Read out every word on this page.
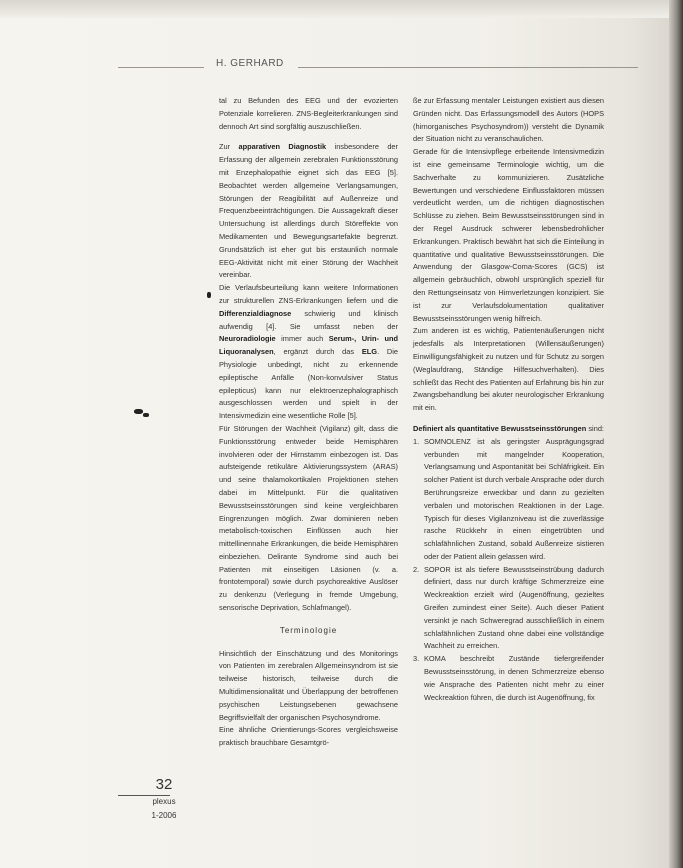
H. GERHARD

tal zu Befunden des EEG und der evozierten Potenziale korrelieren. ZNS-Begleiterkrankungen sind dennoch Art sind sorgfältig auszuschließen.

Zur apparativen Diagnostik insbesondere der Erfassung der allgemein zerebralen Funktionsstörung mit Enzephalopathie eignet sich das EEG [5]. Beobachtet werden allgemeine Verlangsamungen, Störungen der Reagibilität auf Außenreize und Frequenzbeeinträchtigungen. Die Aussagekraft dieser Untersuchung ist allerdings durch Störeffekte von Medikamenten und Bewegungsartefakte begrenzt. Grundsätzlich ist eher gut bis erstaunlich normale EEG-Aktivität nicht mit einer Störung der Wachheit vereinbar.

Die Verlaufsbeurteilung kann weitere Informationen zur strukturellen ZNS-Erkrankungen liefern und die Differenzialdiagnose schwierig und klinisch aufwendig [4]. Sie umfasst neben der Neuroradiologie immer auch Serum-, Urin- und Liquoranalysen, ergänzt durch das ELG. Die Physiologie unbedingt, nicht zu erkennende epileptische Anfälle (Non-konvulsiver Status epilepticus) kann nur elektroenzephalographisch ausgeschlossen werden und spielt in der Intensivmedizin eine wesentliche Rolle [5].

Für Störungen der Wachheit (Vigilanz) gilt, dass die Funktionsstörung entweder beide Hemisphären involvieren oder der Hirnstamm einbezogen ist. Das aufsteigende retikuläre Aktivierungssystem (ARAS) und seine thalamokortikalen Projektionen stehen dabei im Mittelpunkt. Für die qualitativen Bewusstseinsstörungen sind keine vergleichbaren Eingrenzungen möglich. Zwar dominieren neben metabolisch-toxischen Einflüssen auch hier mittellinennahe Erkrankungen, die beide Hemisphären einbeziehen. Delirante Syndrome sind auch bei Patienten mit einseitigen Läsionen (v. a. frontotemporal) sowie durch psychoreaktive Auslöser zu denkenzu (Verlegung in fremde Umgebung, sensorische Deprivation, Schlafmangel).

Terminologie

Hinsichtlich der Einschätzung und des Monitorings von Patienten im zerebralen Allgemeinsyndrom ist sie teilweise historisch, teilweise durch die Multidimensionalität und Überlappung der betroffenen psychischen Leistungsebenen gewachsene Begriffsvielfalt der organischen Psychosyndrome.

Eine ähnliche Orientierungs-Scores vergleichsweise praktisch brauchbare Gesamtgrö-

ße zur Erfassung mentaler Leistungen existiert aus diesen Gründen nicht. Das Erfassungsmodell des Autors (HOPS (hirnorganisches Psychosyndrom)) versteht die Dynamik der Situation nicht zu veranschaulichen.

Gerade für die Intensivpflege erbeitende Intensivmedizin ist eine gemeinsame Terminologie wichtig, um die Sachverhalte zu kommunizieren. Zusätzliche Bewertungen und verschiedene Einflussfaktoren müssen verdeutlicht werden, um die richtigen diagnostischen Schlüsse zu ziehen. Beim Bewusstseinsstörungen sind in der Regel Ausdruck schwerer lebensbedrohlicher Erkrankungen. Praktisch bewährt hat sich die Einteilung in quantitative und qualitative Bewusstseinsstörungen. Die Anwendung der Glasgow-Coma-Scores (GCS) ist allgemein gebräuchlich, obwohl ursprünglich speziell für den Rettungseinsatz von Hirnverletzungen konzipiert. Sie ist zur Verlaufsdokumentation qualitativer Bewusstseinsstörungen wenig hilfreich.

Zum anderen ist es wichtig, Patientenäußerungen nicht jedesfalls als Interpretationen (Willensäußerungen) Einwilligungsfähigkeit zu nutzen und für Schutz zu sorgen (Weglaufdrang, Ständige Hilfesuchverhalten). Dies schließt das Recht des Patienten auf Erfahrung bis hin zur Zwangsbehandlung bei akuter neurologischer Erkrankung mit ein.

Definiert als quantitative Bewusstseinsstörungen sind:

1. SOMNOLENZ ist als geringster Ausprägungsgrad verbunden mit mangelnder Kooperation, Verlangsamung und Aspontanität bei Schläfrigkeit. Ein solcher Patient ist durch verbale Ansprache oder durch Berührungsreize erweckbar und dann zu gezielten verbalen und motorischen Reaktionen in der Lage. Typisch für dieses Vigilanzniveau ist die zuverlässige rasche Rückkehr in einen eingetrübten und schlafähnlichen Zustand, sobald Außenreize sistieren oder der Patient allein gelassen wird.

2. SOPOR ist als tiefere Bewusstseinstrübung dadurch definiert, dass nur durch kräftige Schmerzreize eine Weckreaktion erzielt wird (Augenöffnung, gezieltes Greifen zumindest einer Seite). Auch dieser Patient versinkt je nach Schweregrad ausschließlich in einem schlafähnlichen Zustand ohne dabei eine vollständige Wachheit zu erreichen.

3. KOMA beschreibt Zustände tiefergreifender Bewusstseinsstörung, in denen Schmerzreize ebenso wie Ansprache des Patienten nicht mehr zu einer Weckreaktion führen, die durch ist Augenöffnung, fix

32
plexus
1-2006
